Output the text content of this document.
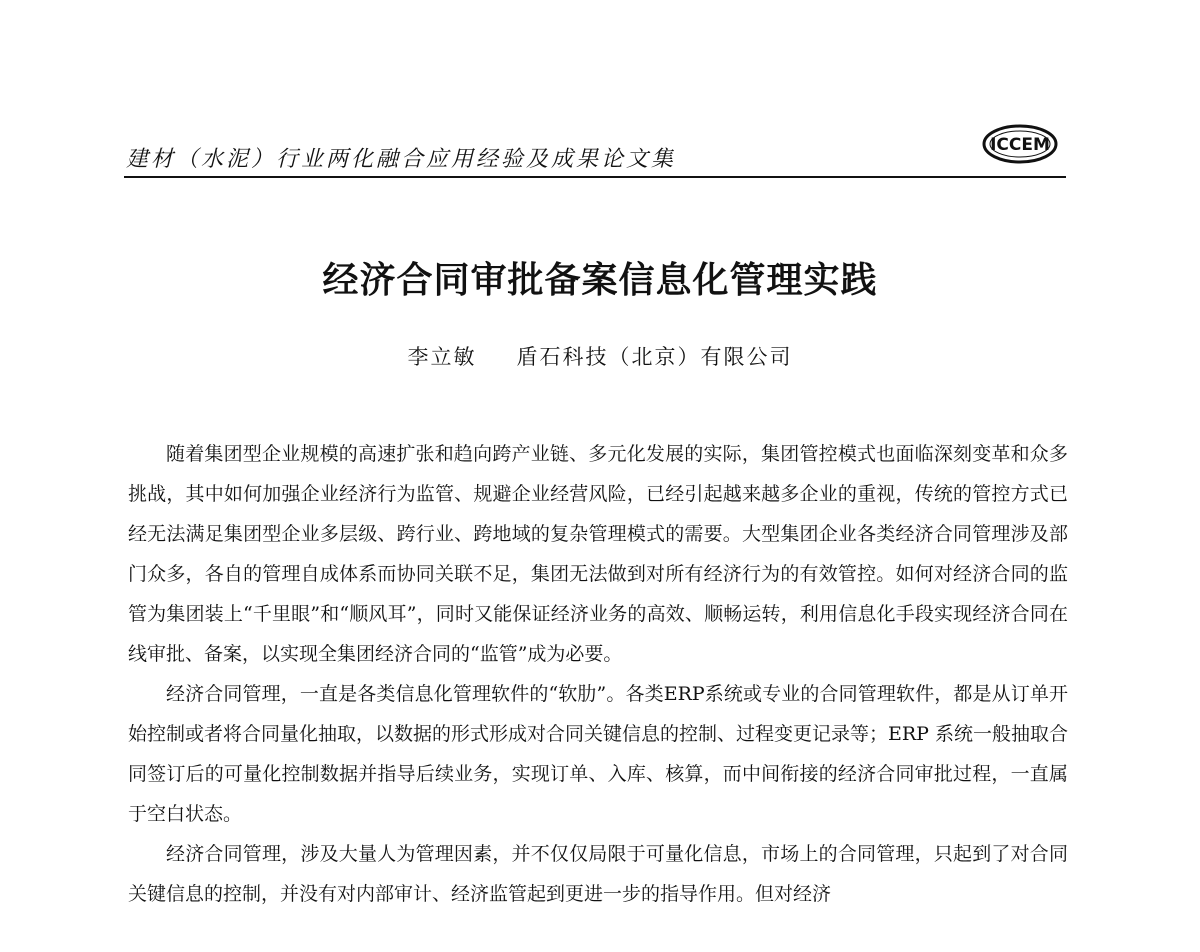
建材（水泥）行业两化融合应用经验及成果论文集
ICCEM
经济合同审批备案信息化管理实践
李立敏 盾石科技（北京）有限公司

随着集团型企业规模的高速扩张和趋向跨产业链、多元化发展的实际，集团管控模式也面临深刻变革和众多挑战，其中如何加强企业经济行为监管、规避企业经营风险，已经引起越来越多企业的重视，传统的管控方式已经无法满足集团型企业多层级、跨行业、跨地域的复杂管理模式的需要。大型集团企业各类经济合同管理涉及部门众多，各自的管理自成体系而协同关联不足，集团无法做到对所有经济行为的有效管控。如何对经济合同的监管为集团装上“千里眼”和“顺风耳”，同时又能保证经济业务的高效、顺畅运转，利用信息化手段实现经济合同在线审批、备案，以实现全集团经济合同的“监管”成为必要。

经济合同管理，一直是各类信息化管理软件的“软肋”。各类ERP系统或专业的合同管理软件，都是从订单开始控制或者将合同量化抽取，以数据的形式形成对合同关键信息的控制、过程变更记录等；ERP 系统一般抽取合同签订后的可量化控制数据并指导后续业务，实现订单、入库、核算，而中间衔接的经济合同审批过程，一直属于空白状态。

经济合同管理，涉及大量人为管理因素，并不仅仅局限于可量化信息，市场上的合同管理，只起到了对合同关键信息的控制，并没有对内部审计、经济监管起到更进一步的指导作用。但对经济
